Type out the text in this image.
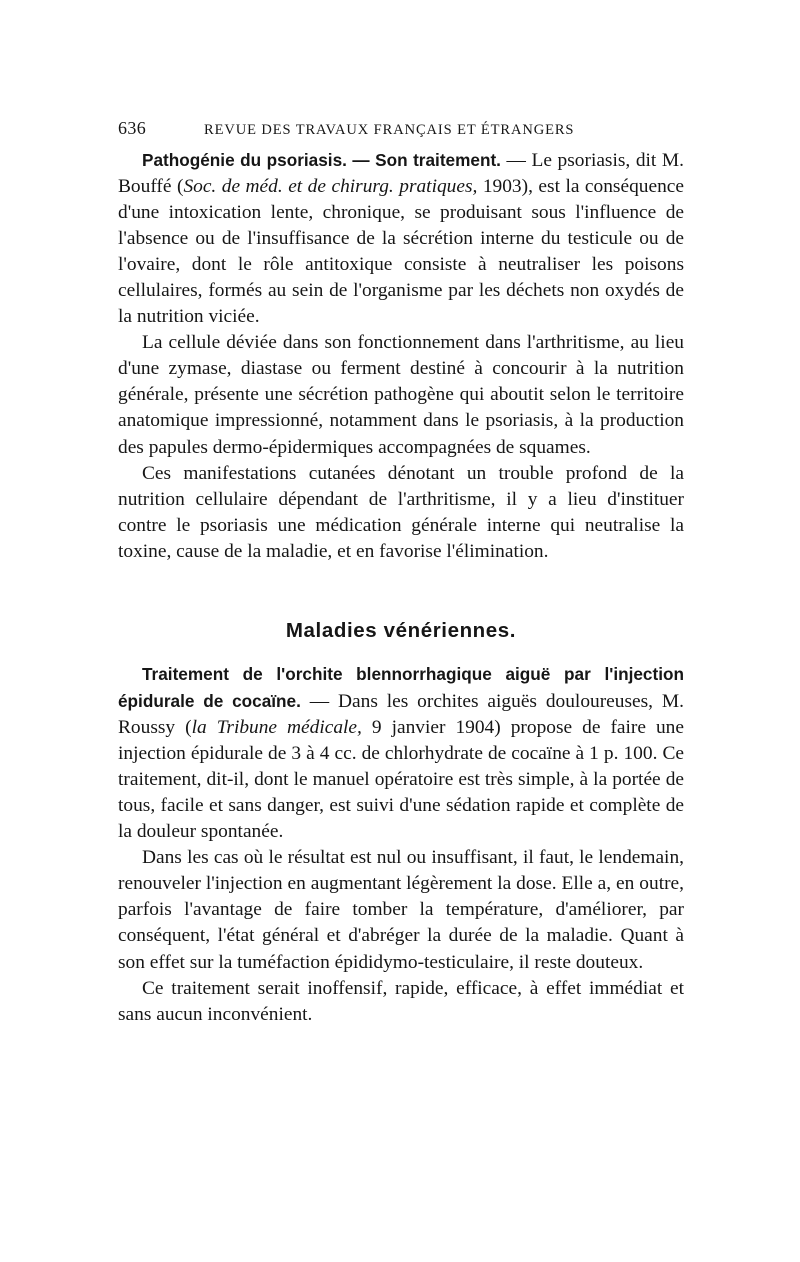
636	REVUE DES TRAVAUX FRANÇAIS ET ÉTRANGERS

Pathogénie du psoriasis. — Son traitement. — Le psoriasis, dit M. Bouffé (Soc. de méd. et de chirurg. pratiques, 1903), est la conséquence d'une intoxication lente, chronique, se produisant sous l'influence de l'absence ou de l'insuffisance de la sécrétion interne du testicule ou de l'ovaire, dont le rôle antitoxique consiste à neutraliser les poisons cellulaires, formés au sein de l'organisme par les déchets non oxydés de la nutrition viciée.

La cellule déviée dans son fonctionnement dans l'arthritisme, au lieu d'une zymase, diastase ou ferment destiné à concourir à la nutrition générale, présente une sécrétion pathogène qui aboutit selon le territoire anatomique impressionné, notamment dans le psoriasis, à la production des papules dermo-épidermiques accompagnées de squames.

Ces manifestations cutanées dénotant un trouble profond de la nutrition cellulaire dépendant de l'arthritisme, il y a lieu d'instituer contre le psoriasis une médication générale interne qui neutralise la toxine, cause de la maladie, et en favorise l'élimination.

Maladies vénériennes.

Traitement de l'orchite blennorrhagique aiguë par l'injection épidurale de cocaïne. — Dans les orchites aiguës douloureuses, M. Roussy (la Tribune médicale, 9 janvier 1904) propose de faire une injection épidurale de 3 à 4 cc. de chlorhydrate de cocaïne à 1 p. 100. Ce traitement, dit-il, dont le manuel opératoire est très simple, à la portée de tous, facile et sans danger, est suivi d'une sédation rapide et complète de la douleur spontanée.

Dans les cas où le résultat est nul ou insuffisant, il faut, le lendemain, renouveler l'injection en augmentant légèrement la dose. Elle a, en outre, parfois l'avantage de faire tomber la température, d'améliorer, par conséquent, l'état général et d'abréger la durée de la maladie. Quant à son effet sur la tuméfaction épididymo-testiculaire, il reste douteux.

Ce traitement serait inoffensif, rapide, efficace, à effet immédiat et sans aucun inconvénient.
